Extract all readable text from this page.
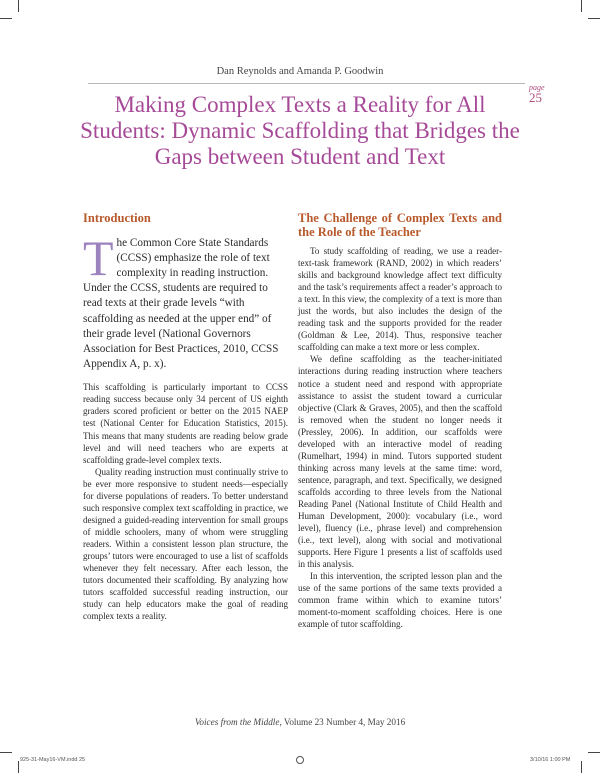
Dan Reynolds and Amanda P. Goodwin
page
25
Making Complex Texts a Reality for All Students: Dynamic Scaffolding that Bridges the Gaps between Student and Text
Introduction
The Common Core State Standards (CCSS) emphasize the role of text complexity in reading instruction. Under the CCSS, students are required to read texts at their grade levels “with scaffolding as needed at the upper end” of their grade level (National Governors Association for Best Practices, 2010, CCSS Appendix A, p. x).

This scaffolding is particularly important to CCSS reading success because only 34 percent of US eighth graders scored proficient or better on the 2015 NAEP test (National Center for Education Statistics, 2015). This means that many students are reading below grade level and will need teachers who are experts at scaffolding grade-level complex texts.

Quality reading instruction must continually strive to be ever more responsive to student needs—especially for diverse populations of readers. To better understand such responsive complex text scaffolding in practice, we designed a guided-reading intervention for small groups of middle schoolers, many of whom were struggling readers. Within a consistent lesson plan structure, the groups’ tutors were encouraged to use a list of scaffolds whenever they felt necessary. After each lesson, the tutors documented their scaffolding. By analyzing how tutors scaffolded successful reading instruction, our study can help educators make the goal of reading complex texts a reality.

The Challenge of Complex Texts and the Role of the Teacher

To study scaffolding of reading, we use a reader-text-task framework (RAND, 2002) in which readers’ skills and background knowledge affect text difficulty and the task’s requirements affect a reader’s approach to a text. In this view, the complexity of a text is more than just the words, but also includes the design of the reading task and the supports provided for the reader (Goldman & Lee, 2014). Thus, responsive teacher scaffolding can make a text more or less complex.

We define scaffolding as the teacher-initiated interactions during reading instruction where teachers notice a student need and respond with appropriate assistance to assist the student toward a curricular objective (Clark & Graves, 2005), and then the scaffold is removed when the student no longer needs it (Pressley, 2006). In addition, our scaffolds were developed with an interactive model of reading (Rumelhart, 1994) in mind. Tutors supported student thinking across many levels at the same time: word, sentence, paragraph, and text. Specifically, we designed scaffolds according to three levels from the National Reading Panel (National Institute of Child Health and Human Development, 2000): vocabulary (i.e., word level), fluency (i.e., phrase level) and comprehension (i.e., text level), along with social and motivational supports. Here Figure 1 presents a list of scaffolds used in this analysis.

In this intervention, the scripted lesson plan and the use of the same portions of the same texts provided a common frame within which to examine tutors’ moment-to-moment scaffolding choices. Here is one example of tutor scaffolding.

Voices from the Middle, Volume 23 Number 4, May 2016
925-31-May16-VM.indd 25	3/10/16 1:00 PM
